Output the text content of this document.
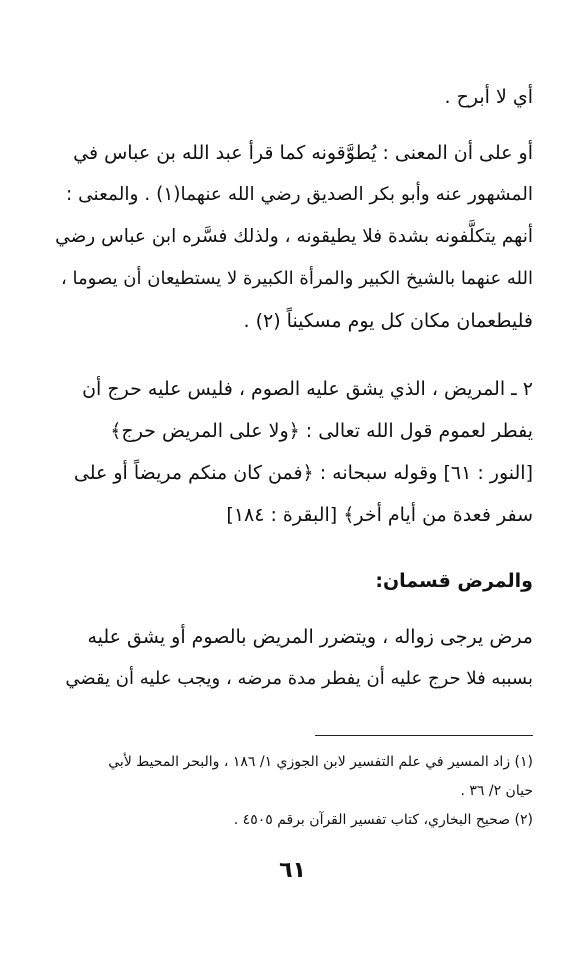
أي لا أبرح .
أو على أن المعنى : يُطوَّقونه كما قرأ عبد الله بن عباس في
المشهور عنه وأبو بكر الصديق رضي الله عنهما(١) . والمعنى :
أنهم يتكلَّفونه بشدة فلا يطيقونه ، ولذلك فسَّره ابن عباس رضي
الله عنهما بالشيخ الكبير والمرأة الكبيرة لا يستطيعان أن يصوما ،
فليطعمان مكان كل يوم مسكيناً (٢) .
٢ ـ المريض ، الذي يشق عليه الصوم ، فليس عليه حرج أن
يفطر لعموم قول الله تعالى : ﴿ولا على المريض حرج﴾
[النور : ٦١] وقوله سبحانه : ﴿فمن كان منكم مريضاً أو على
سفر فعدة من أيام أخر﴾ [البقرة : ١٨٤]
والمرض قسمان:
مرض يرجى زواله ، ويتضرر المريض بالصوم أو يشق عليه
بسببه فلا حرج عليه أن يفطر مدة مرضه ، ويجب عليه أن يقضي
(١) زاد المسير في علم التفسير لابن الجوزي ١/ ١٨٦ ، والبحر المحيط لأبي
حيان ٢/ ٣٦ .
(٢) صحيح البخاري، كتاب تفسير القرآن برقم ٤٥٠٥ .
٦١
